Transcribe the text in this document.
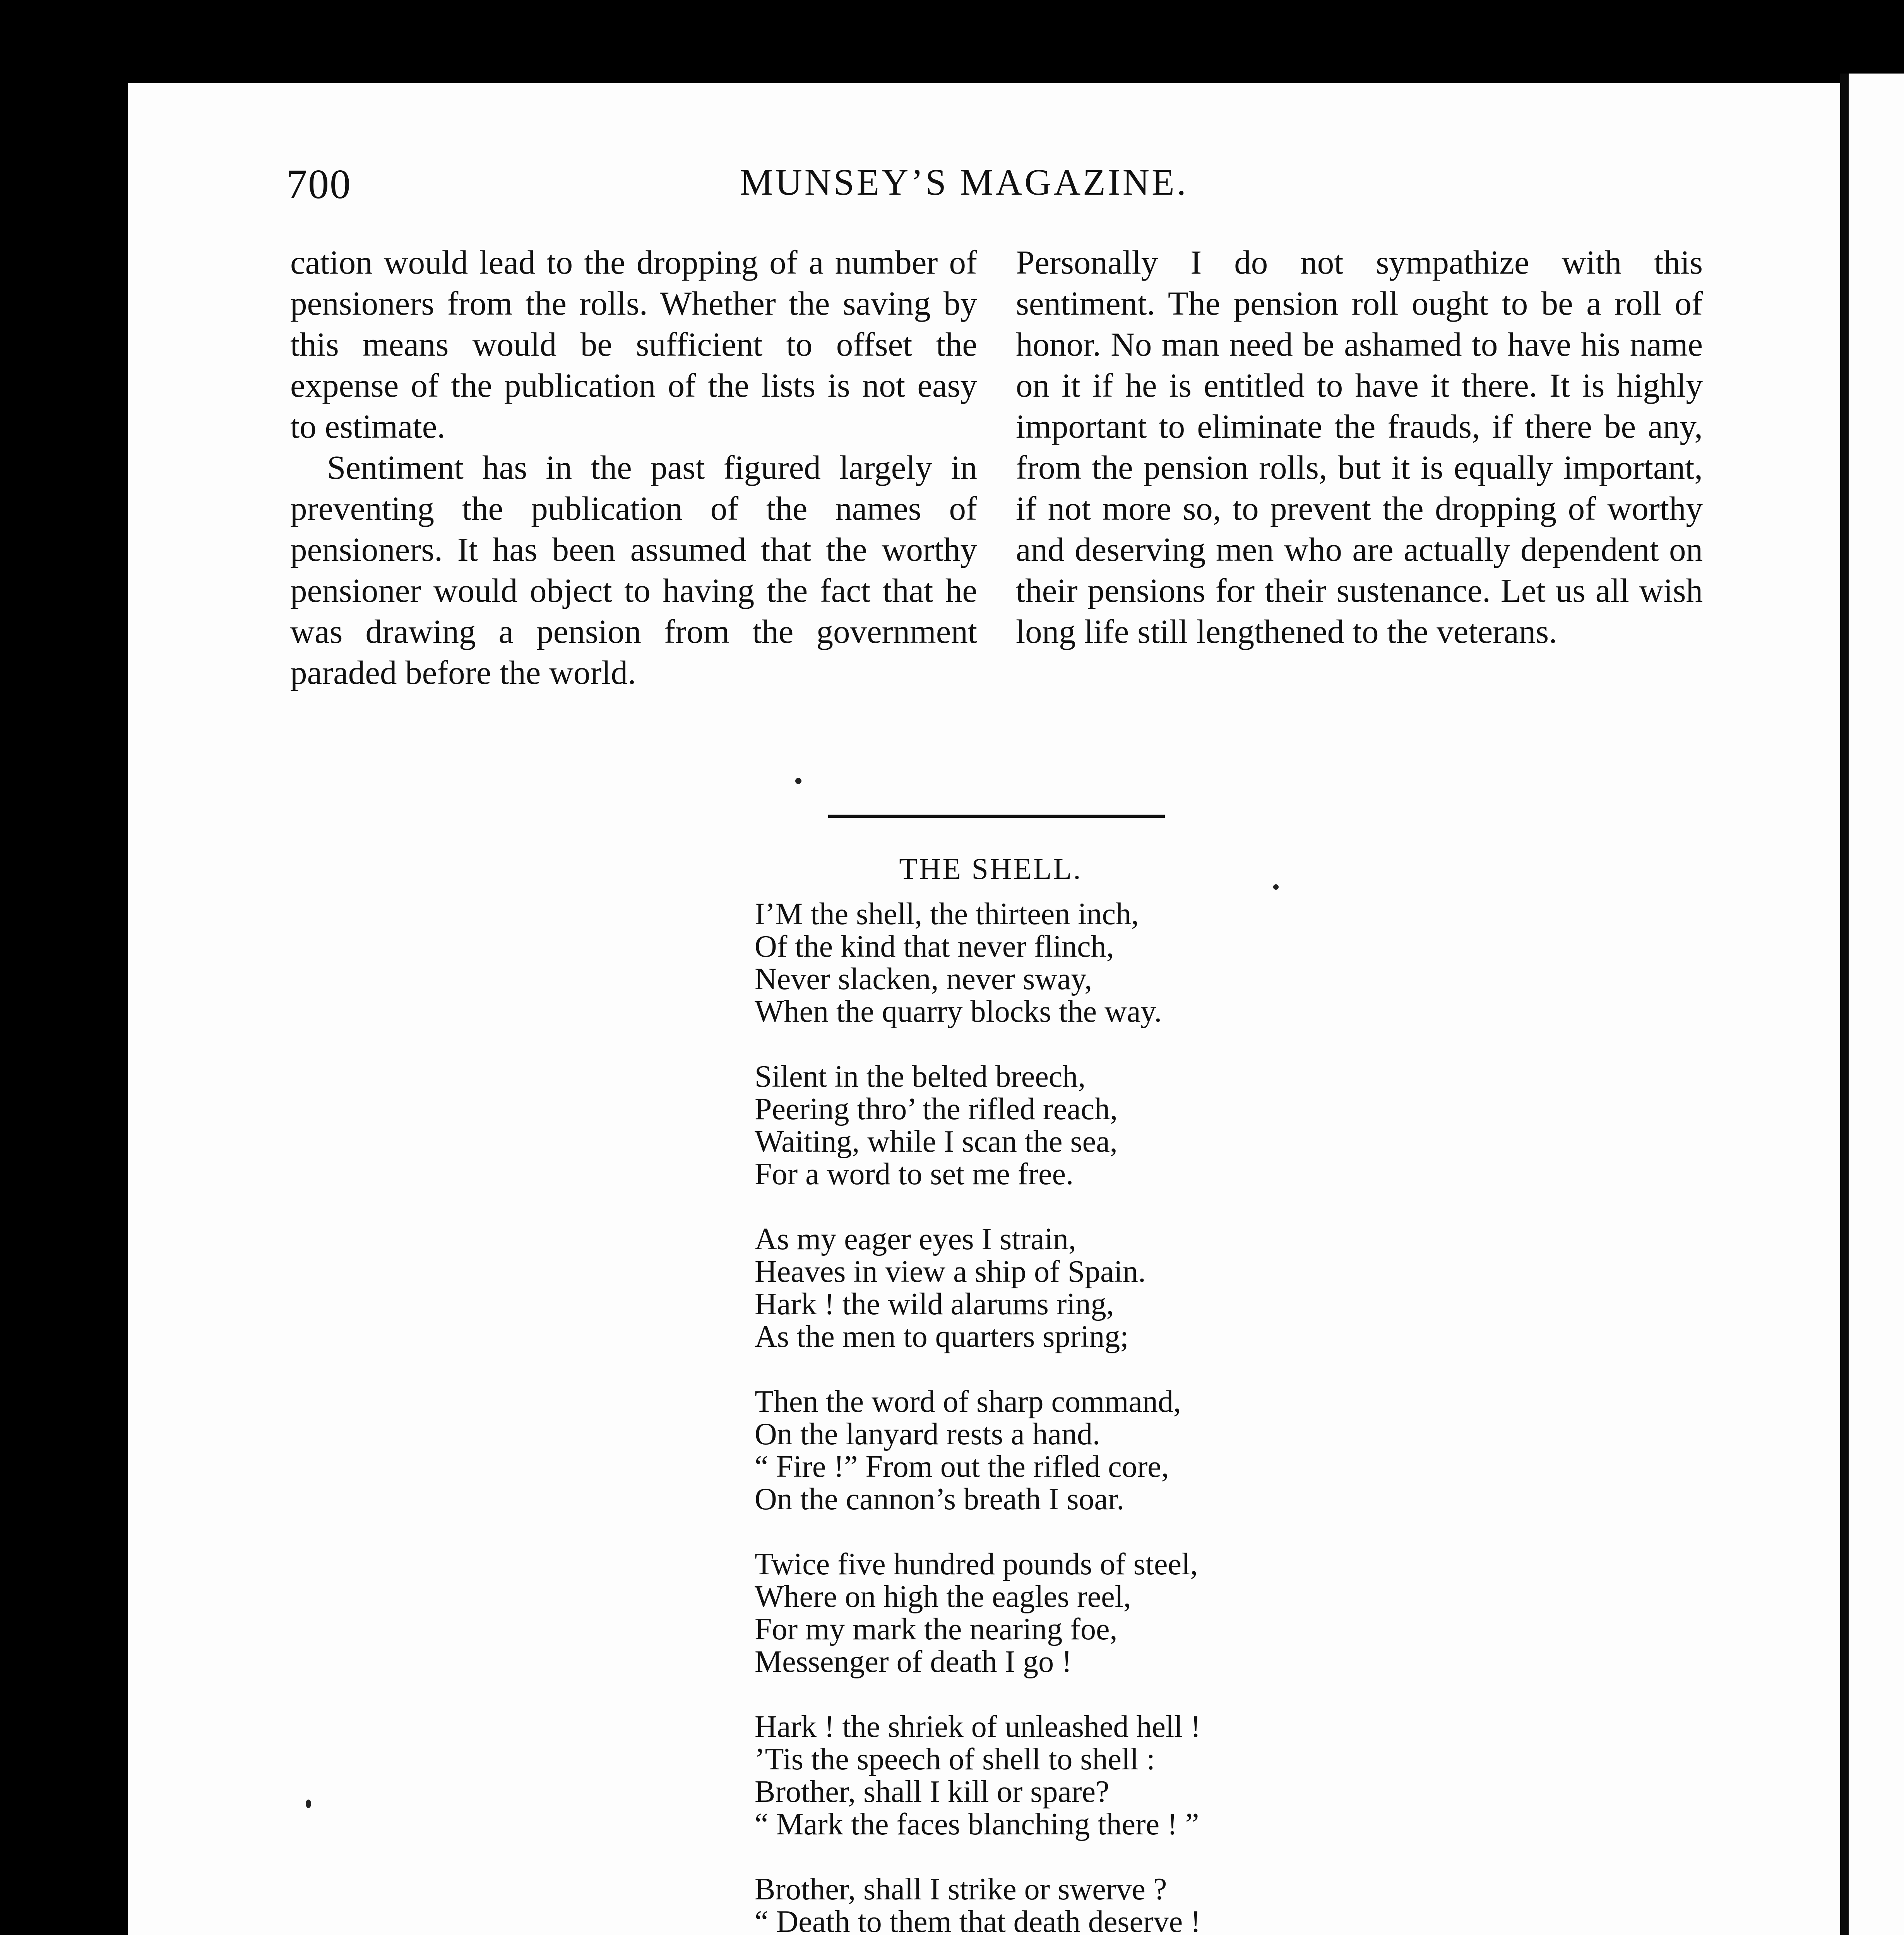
700	MUNSEY’S MAGAZINE.

cation would lead to the dropping of a number of pensioners from the rolls. Whether the saving by this means would be sufficient to offset the expense of the publication of the lists is not easy to estimate.

Sentiment has in the past figured largely in preventing the publication of the names of pensioners. It has been assumed that the worthy pensioner would object to having the fact that he was drawing a pension from the government paraded before the world.

Personally I do not sympathize with this sentiment. The pension roll ought to be a roll of honor. No man need be ashamed to have his name on it if he is entitled to have it there. It is highly important to eliminate the frauds, if there be any, from the pension rolls, but it is equally important, if not more so, to prevent the dropping of worthy and deserving men who are actually dependent on their pensions for their sustenance. Let us all wish long life still lengthened to the veterans.

THE SHELL.
I’M the shell, the thirteen inch,
Of the kind that never flinch,
Never slacken, never sway,
When the quarry blocks the way.
Silent in the belted breech,
Peering thro’ the rifled reach,
Waiting, while I scan the sea,
For a word to set me free.
As my eager eyes I strain,
Heaves in view a ship of Spain.
Hark ! the wild alarums ring,
As the men to quarters spring;
Then the word of sharp command,
On the lanyard rests a hand.
“ Fire !” From out the rifled core,
On the cannon’s breath I soar.
Twice five hundred pounds of steel,
Where on high the eagles reel,
For my mark the nearing foe,
Messenger of death I go !
Hark ! the shriek of unleashed hell !
’Tis the speech of shell to shell :
Brother, shall I kill or spare?
“ Mark the faces blanching there ! ”
Brother, shall I strike or swerve ?
“ Death to them that death deserve !
